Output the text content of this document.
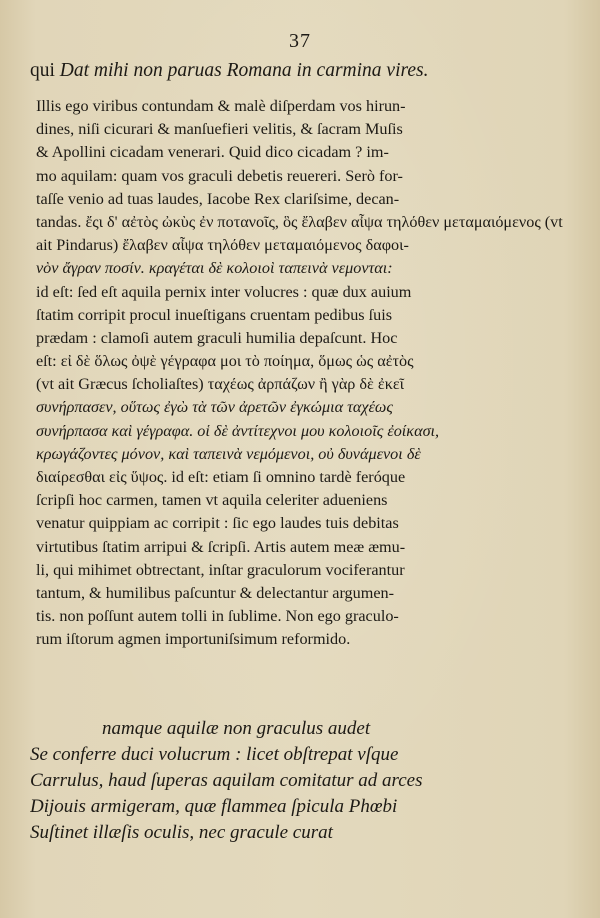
37
qui Dat mihi non paruas Romana in carmina vires.
Illis ego viribus contundam & malè diſperdam vos hirun-
dines, niſi cicurari & manſuefieri velitis, & ſacram Muſis
& Apollini cicadam venerari. Quid dico cicadam ? im-
mo aquilam: quam vos graculi debetis reuereri. Serò for-
taſſe venio ad tuas laudes, Iacobe Rex clariſsime, decan-
tandas. ἔςι δ' αἐτὸς ὠκὺς ἐν ποτανοῖς, ὃς ἔλαβεν αἶψα τηλόθεν μεταμαιόμενος (vt
ait Pindarus) ἔλαβεν αἶψα τηλόθεν μεταμαιόμενος δαφοι-
νὸν ἄγραν ποσίν. κραγέται δὲ κολοιοὶ ταπεινὰ νεμονται:
id eſt: ſed eſt aquila pernix inter volucres : quæ dux auium
ſtatim corripit procul inueſtigans cruentam pedibus ſuis
prædam : clamoſi autem graculi humilia depaſcunt. Hoc
eſt: εἰ δὲ ὅλως ὀψὲ γέγραφα μοι τὸ ποίημα, ὅμως ὡς αἐτὸς
(vt ait Græcus ſcholiaſtes) ταχέως ἀρπάζων ἢ γὰρ δὲ ἐκεῖ
συνήρπασεν, οὕτως ἐγὼ τὰ τῶν ἀρετῶν ἐγκώμια ταχέως
συνήρπασα καὶ γέγραφα. οἱ δὲ ἀντίτεχνοι μου κολοιοῖς ἐοίκασι,
κρωγάζοντες μόνον, καὶ ταπεινὰ νεμόμενοι, οὐ δυνάμενοι δὲ
διαίρεσθαι εἰς ὕψος. id eſt: etiam ſi omnino tardè feróque
ſcripſi hoc carmen, tamen vt aquila celeriter adueniens
venatur quippiam ac corripit : ſic ego laudes tuis debitas
virtutibus ſtatim arripui & ſcripſi. Artis autem meæ æmu-
li, qui mihimet obtrectant, inſtar graculorum vociferantur
tantum, & humilibus paſcuntur & delectantur argumen-
tis. non poſſunt autem tolli in ſublime. Non ego graculo-
rum iſtorum agmen importuniſsimum reformido.
namque aquilæ non graculus audet
Se conferre duci volucrum : licet obſtrepat vſque
Carrulus, haud ſuperas aquilam comitatur ad arces
Dijouis armigeram, quæ flammea ſpicula Phœbi
Suſtinet illæſis oculis, nec gracule curat
